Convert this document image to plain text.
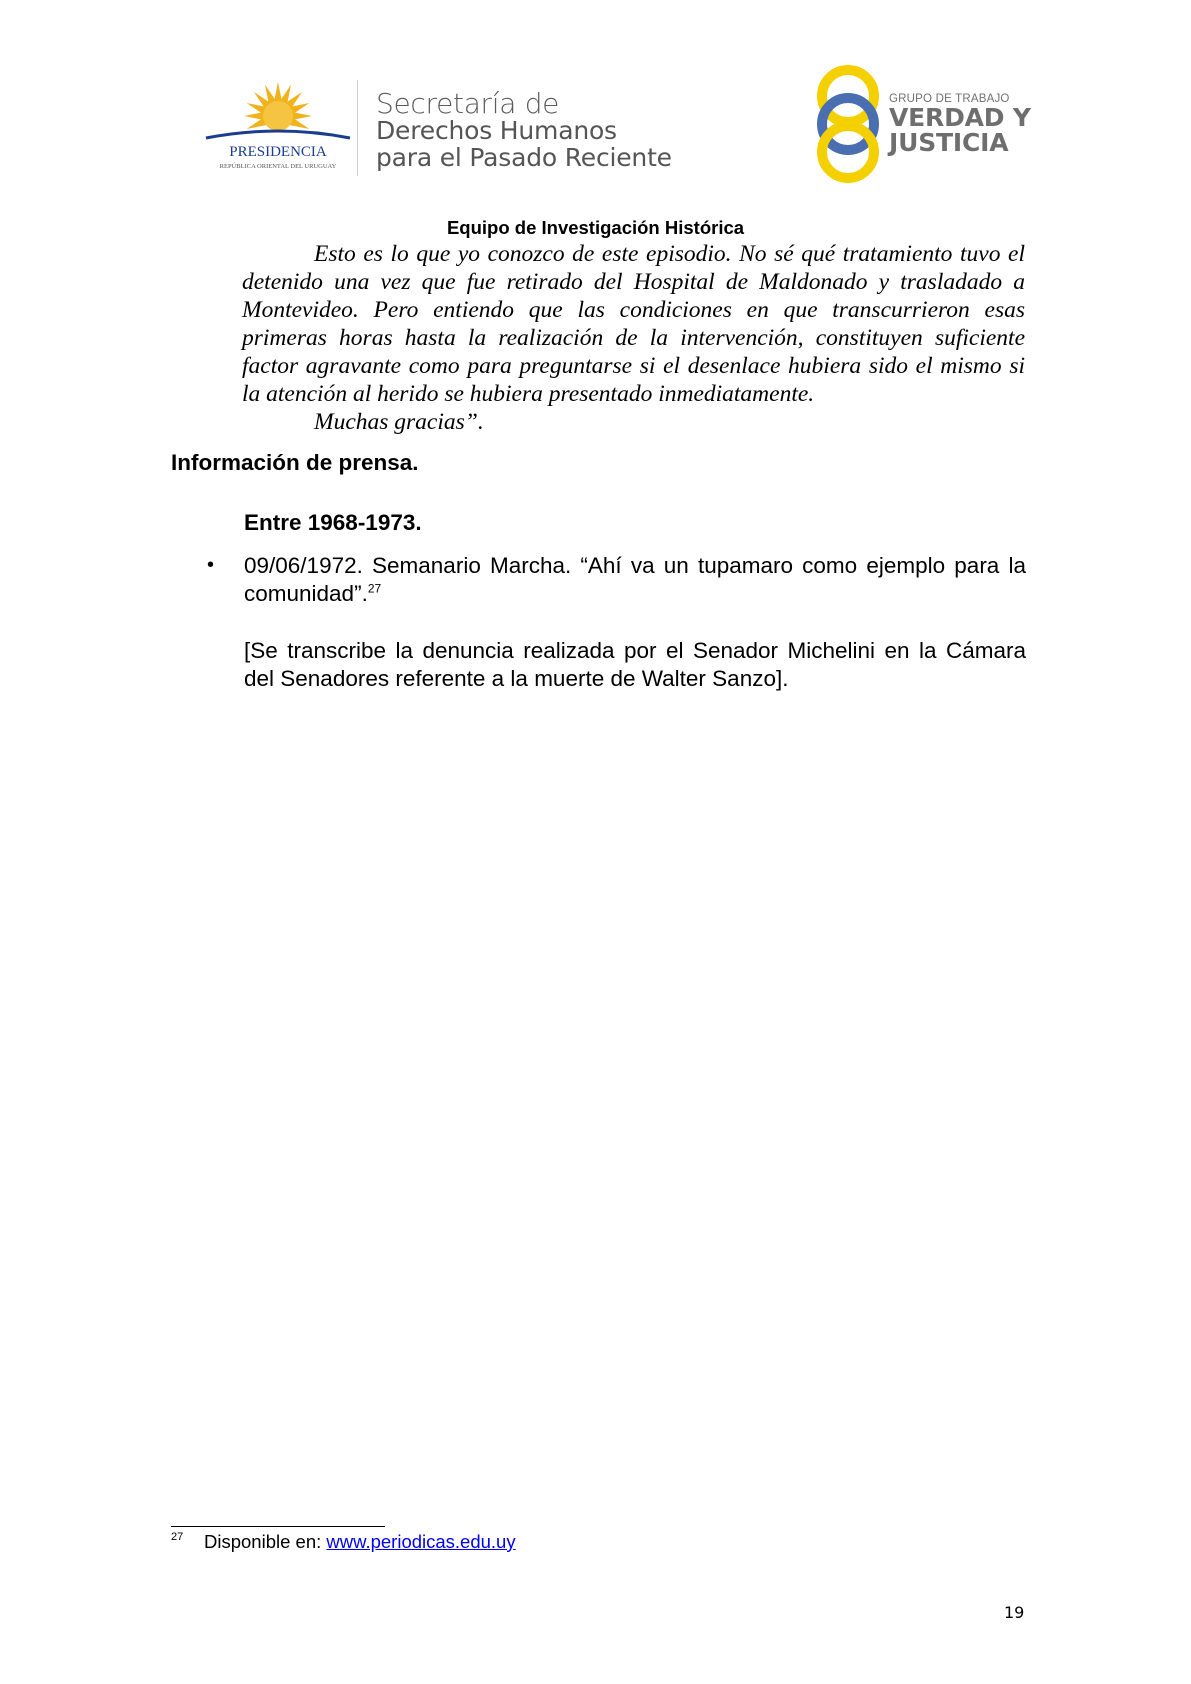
PRESIDENCIA
REPÚBLICA ORIENTAL DEL URUGUAY
Secretaría de
Derechos Humanos
para el Pasado Reciente
GRUPO DE TRABAJO
VERDAD Y
JUSTICIA
Equipo de Investigación Histórica

Esto es lo que yo conozco de este episodio. No sé qué tratamiento tuvo el detenido una vez que fue retirado del Hospital de Maldonado y trasladado a Montevideo. Pero entiendo que las condiciones en que transcurrieron esas primeras horas hasta la realización de la intervención, constituyen suficiente factor agravante como para preguntarse si el desenlace hubiera sido el mismo si la atención al herido se hubiera presentado inmediatamente.

Muchas gracias”.

Información de prensa.
Entre 1968-1973.
• 09/06/1972. Semanario Marcha. “Ahí va un tupamaro como ejemplo para la comunidad”.$^{27}$
[Se transcribe la denuncia realizada por el Senador Michelini en la Cámara del Senadores referente a la muerte de Walter Sanzo].
27 Disponible en: www.periodicas.edu.uy
19
